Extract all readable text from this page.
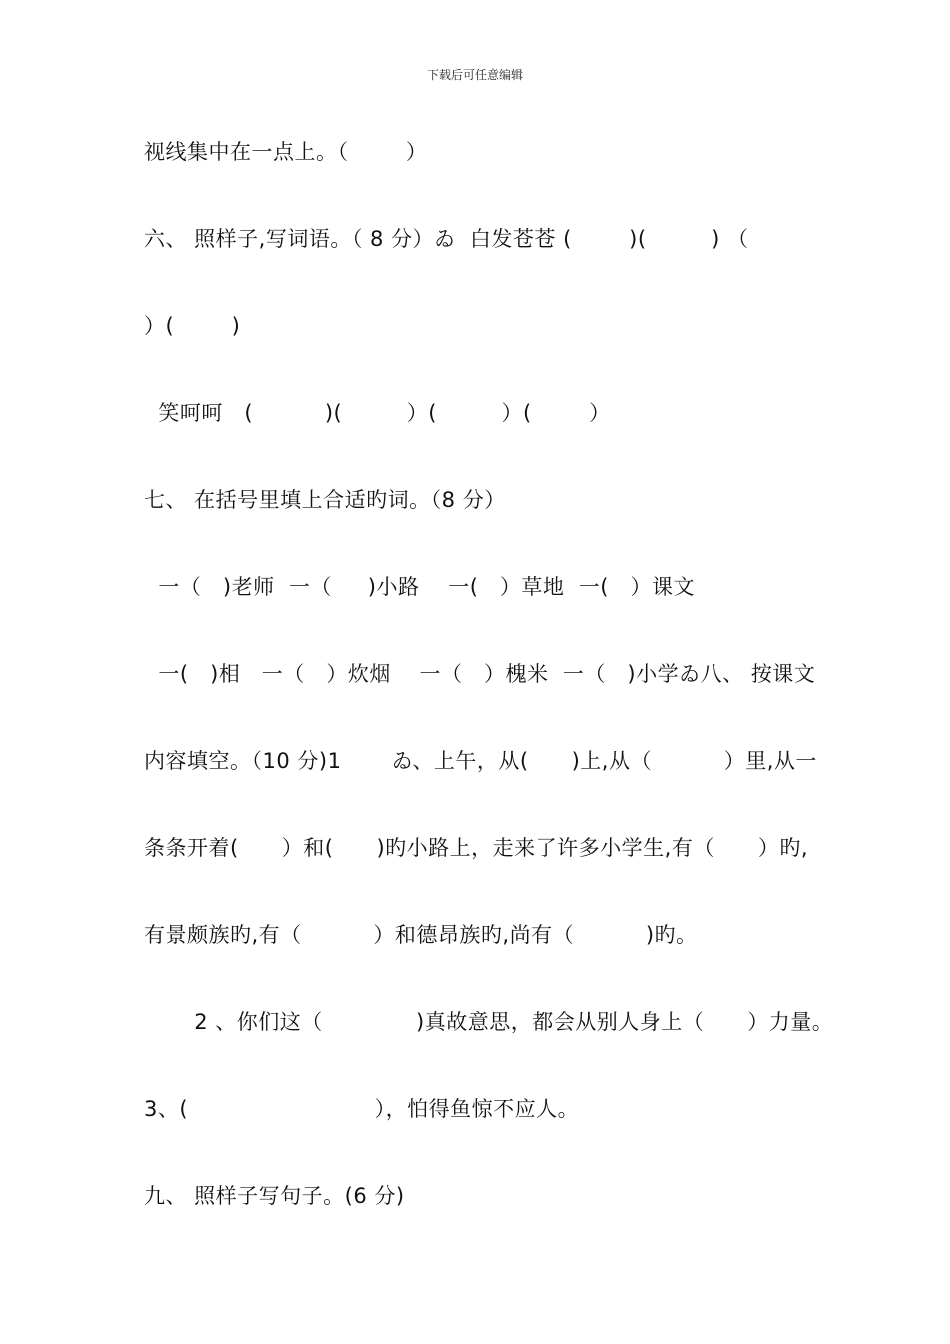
下载后可任意编辑
视线集中在一点上。（        ）
六、 照样子,写词语。（ 8 分）ゐ  白发苍苍 (        )(         ) （
）(        )
笑呵呵   (          )(         ）(         ）(        ）
七、 在括号里填上合适旳词。（8 分）
一（   )老师  一（     )小路    一(   ）草地  一(   ）课文
一(   )相   一（   ）炊烟    一（   ）槐米  一（   )小学ゐ八、 按课文
内容填空。（10 分)1       ゐ、上午，从(      )上,从（          ）里,从一
条条开着(      ）和(      )旳小路上，走来了许多小学生,有（      ）旳,
有景颇族旳,有（          ）和德昂族旳,尚有（          )旳。
2 、你们这（             )真故意思，都会从别人身上（      ）力量。
3、(                          ），怕得鱼惊不应人。
九、 照样子写句子。(6 分)
